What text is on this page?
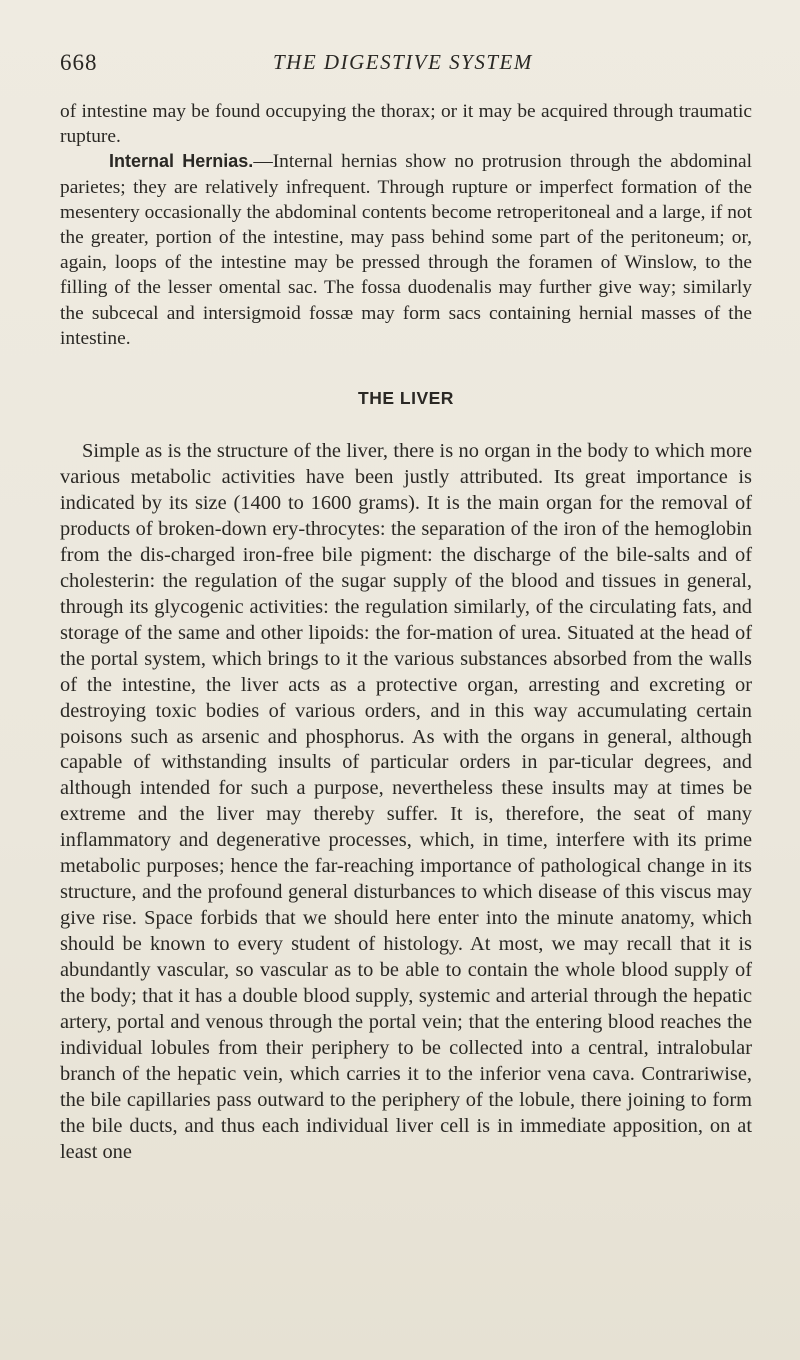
668	THE DIGESTIVE SYSTEM

of intestine may be found occupying the thorax; or it may be acquired through traumatic rupture.

Internal Hernias.—Internal hernias show no protrusion through the abdominal parietes; they are relatively infrequent. Through rupture or imperfect formation of the mesentery occasionally the abdominal contents become retroperitoneal and a large, if not the greater, portion of the intestine, may pass behind some part of the peritoneum; or, again, loops of the intestine may be pressed through the foramen of Winslow, to the filling of the lesser omental sac. The fossa duodenalis may further give way; similarly the subcecal and intersigmoid fossæ may form sacs containing hernial masses of the intestine.

THE LIVER

Simple as is the structure of the liver, there is no organ in the body to which more various metabolic activities have been justly attributed. Its great importance is indicated by its size (1400 to 1600 grams). It is the main organ for the removal of products of broken-down ery-throcytes: the separation of the iron of the hemoglobin from the dis-charged iron-free bile pigment: the discharge of the bile-salts and of cholesterin: the regulation of the sugar supply of the blood and tissues in general, through its glycogenic activities: the regulation similarly, of the circulating fats, and storage of the same and other lipoids: the for-mation of urea. Situated at the head of the portal system, which brings to it the various substances absorbed from the walls of the intestine, the liver acts as a protective organ, arresting and excreting or destroying toxic bodies of various orders, and in this way accumulating certain poisons such as arsenic and phosphorus. As with the organs in general, although capable of withstanding insults of particular orders in par-ticular degrees, and although intended for such a purpose, nevertheless these insults may at times be extreme and the liver may thereby suffer. It is, therefore, the seat of many inflammatory and degenerative processes, which, in time, interfere with its prime metabolic purposes; hence the far-reaching importance of pathological change in its structure, and the profound general disturbances to which disease of this viscus may give rise. Space forbids that we should here enter into the minute anatomy, which should be known to every student of histology. At most, we may recall that it is abundantly vascular, so vascular as to be able to contain the whole blood supply of the body; that it has a double blood supply, systemic and arterial through the hepatic artery, portal and venous through the portal vein; that the entering blood reaches the individual lobules from their periphery to be collected into a central, intralobular branch of the hepatic vein, which carries it to the inferior vena cava. Contrariwise, the bile capillaries pass outward to the periphery of the lobule, there joining to form the bile ducts, and thus each individual liver cell is in immediate apposition, on at least one
